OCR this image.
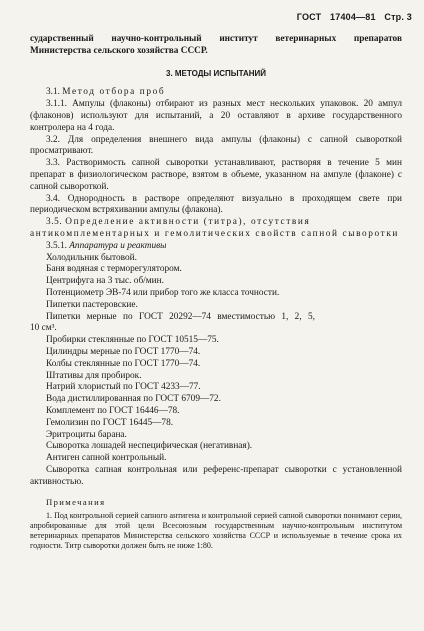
ГОСТ 17404—81 Стр. 3
сударственный научно-контрольный институт ветеринарных препаратов Министерства сельского хозяйства СССР.
3. МЕТОДЫ ИСПЫТАНИЙ

3.1. Метод отбора проб

3.1.1. Ампулы (флаконы) отбирают из разных мест нескольких упаковок. 20 ампул (флаконов) используют для испытаний, а 20 оставляют в архиве государственного контролера на 4 года.

3.2. Для определения внешнего вида ампулы (флаконы) с сапной сывороткой просматривают.

3.3. Растворимость сапной сыворотки устанавливают, растворяя в течение 5 мин препарат в физиологическом растворе, взятом в объеме, указанном на ампуле (флаконе) с сапной сывороткой.

3.4. Однородность в растворе определяют визуально в проходящем свете при периодическом встряхивании ампулы (флакона).

3.5. Определение активности (титра), отсутствия антикомплементарных и гемолитических свойств сапной сыворотки

3.5.1. Аппаратура и реактивы

Холодильник бытовой.

Баня водяная с терморегулятором.

Центрифуга на 3 тыс. об/мин.

Потенциометр ЭВ-74 или прибор того же класса точности.

Пипетки пастеровские.

Пипетки мерные по ГОСТ 20292—74 вместимостью 1, 2, 5,

10 см³.

Пробирки стеклянные по ГОСТ 10515—75.

Цилиндры мерные по ГОСТ 1770—74.

Колбы стеклянные по ГОСТ 1770—74.

Штативы для пробирок.

Натрий хлористый по ГОСТ 4233—77.

Вода дистиллированная по ГОСТ 6709—72.

Комплемент по ГОСТ 16446—78.

Гемолизин по ГОСТ 16445—78.

Эритроциты барана.

Сыворотка лошадей неспецифическая (негативная).

Антиген сапной контрольный.

Сыворотка сапная контрольная или референс-препарат сыворотки с установленной активностью.

Примечания

1. Под контрольной серией сапного антигена и контрольной серией сапной сыворотки понимают серии, апробированные для этой цели Всесоюзным государственным научно-контрольным институтом ветеринарных препаратов Министерства сельского хозяйства СССР и используемые в течение срока их годности. Титр сыворотки должен быть не ниже 1:80.
